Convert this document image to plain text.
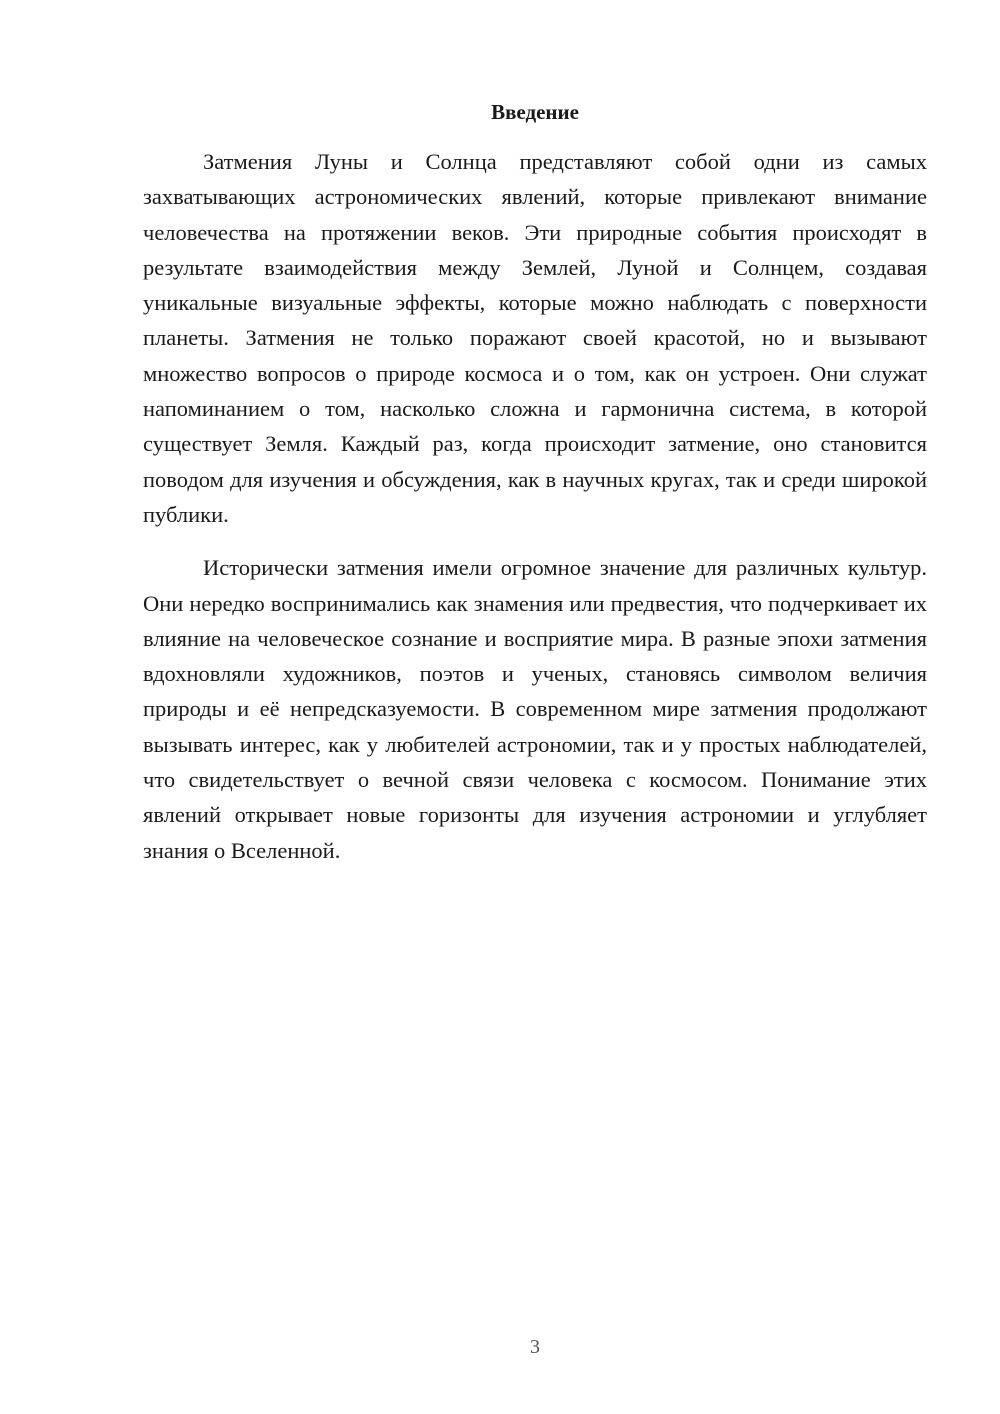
Введение

Затмения Луны и Солнца представляют собой одни из самых захватывающих астрономических явлений, которые привлекают внимание человечества на протяжении веков. Эти природные события происходят в результате взаимодействия между Землей, Луной и Солнцем, создавая уникальные визуальные эффекты, которые можно наблюдать с поверхности планеты. Затмения не только поражают своей красотой, но и вызывают множество вопросов о природе космоса и о том, как он устроен. Они служат напоминанием о том, насколько сложна и гармонична система, в которой существует Земля. Каждый раз, когда происходит затмение, оно становится поводом для изучения и обсуждения, как в научных кругах, так и среди широкой публики.

Исторически затмения имели огромное значение для различных культур. Они нередко воспринимались как знамения или предвестия, что подчеркивает их влияние на человеческое сознание и восприятие мира. В разные эпохи затмения вдохновляли художников, поэтов и ученых, становясь символом величия природы и её непредсказуемости. В современном мире затмения продолжают вызывать интерес, как у любителей астрономии, так и у простых наблюдателей, что свидетельствует о вечной связи человека с космосом. Понимание этих явлений открывает новые горизонты для изучения астрономии и углубляет знания о Вселенной.

3
